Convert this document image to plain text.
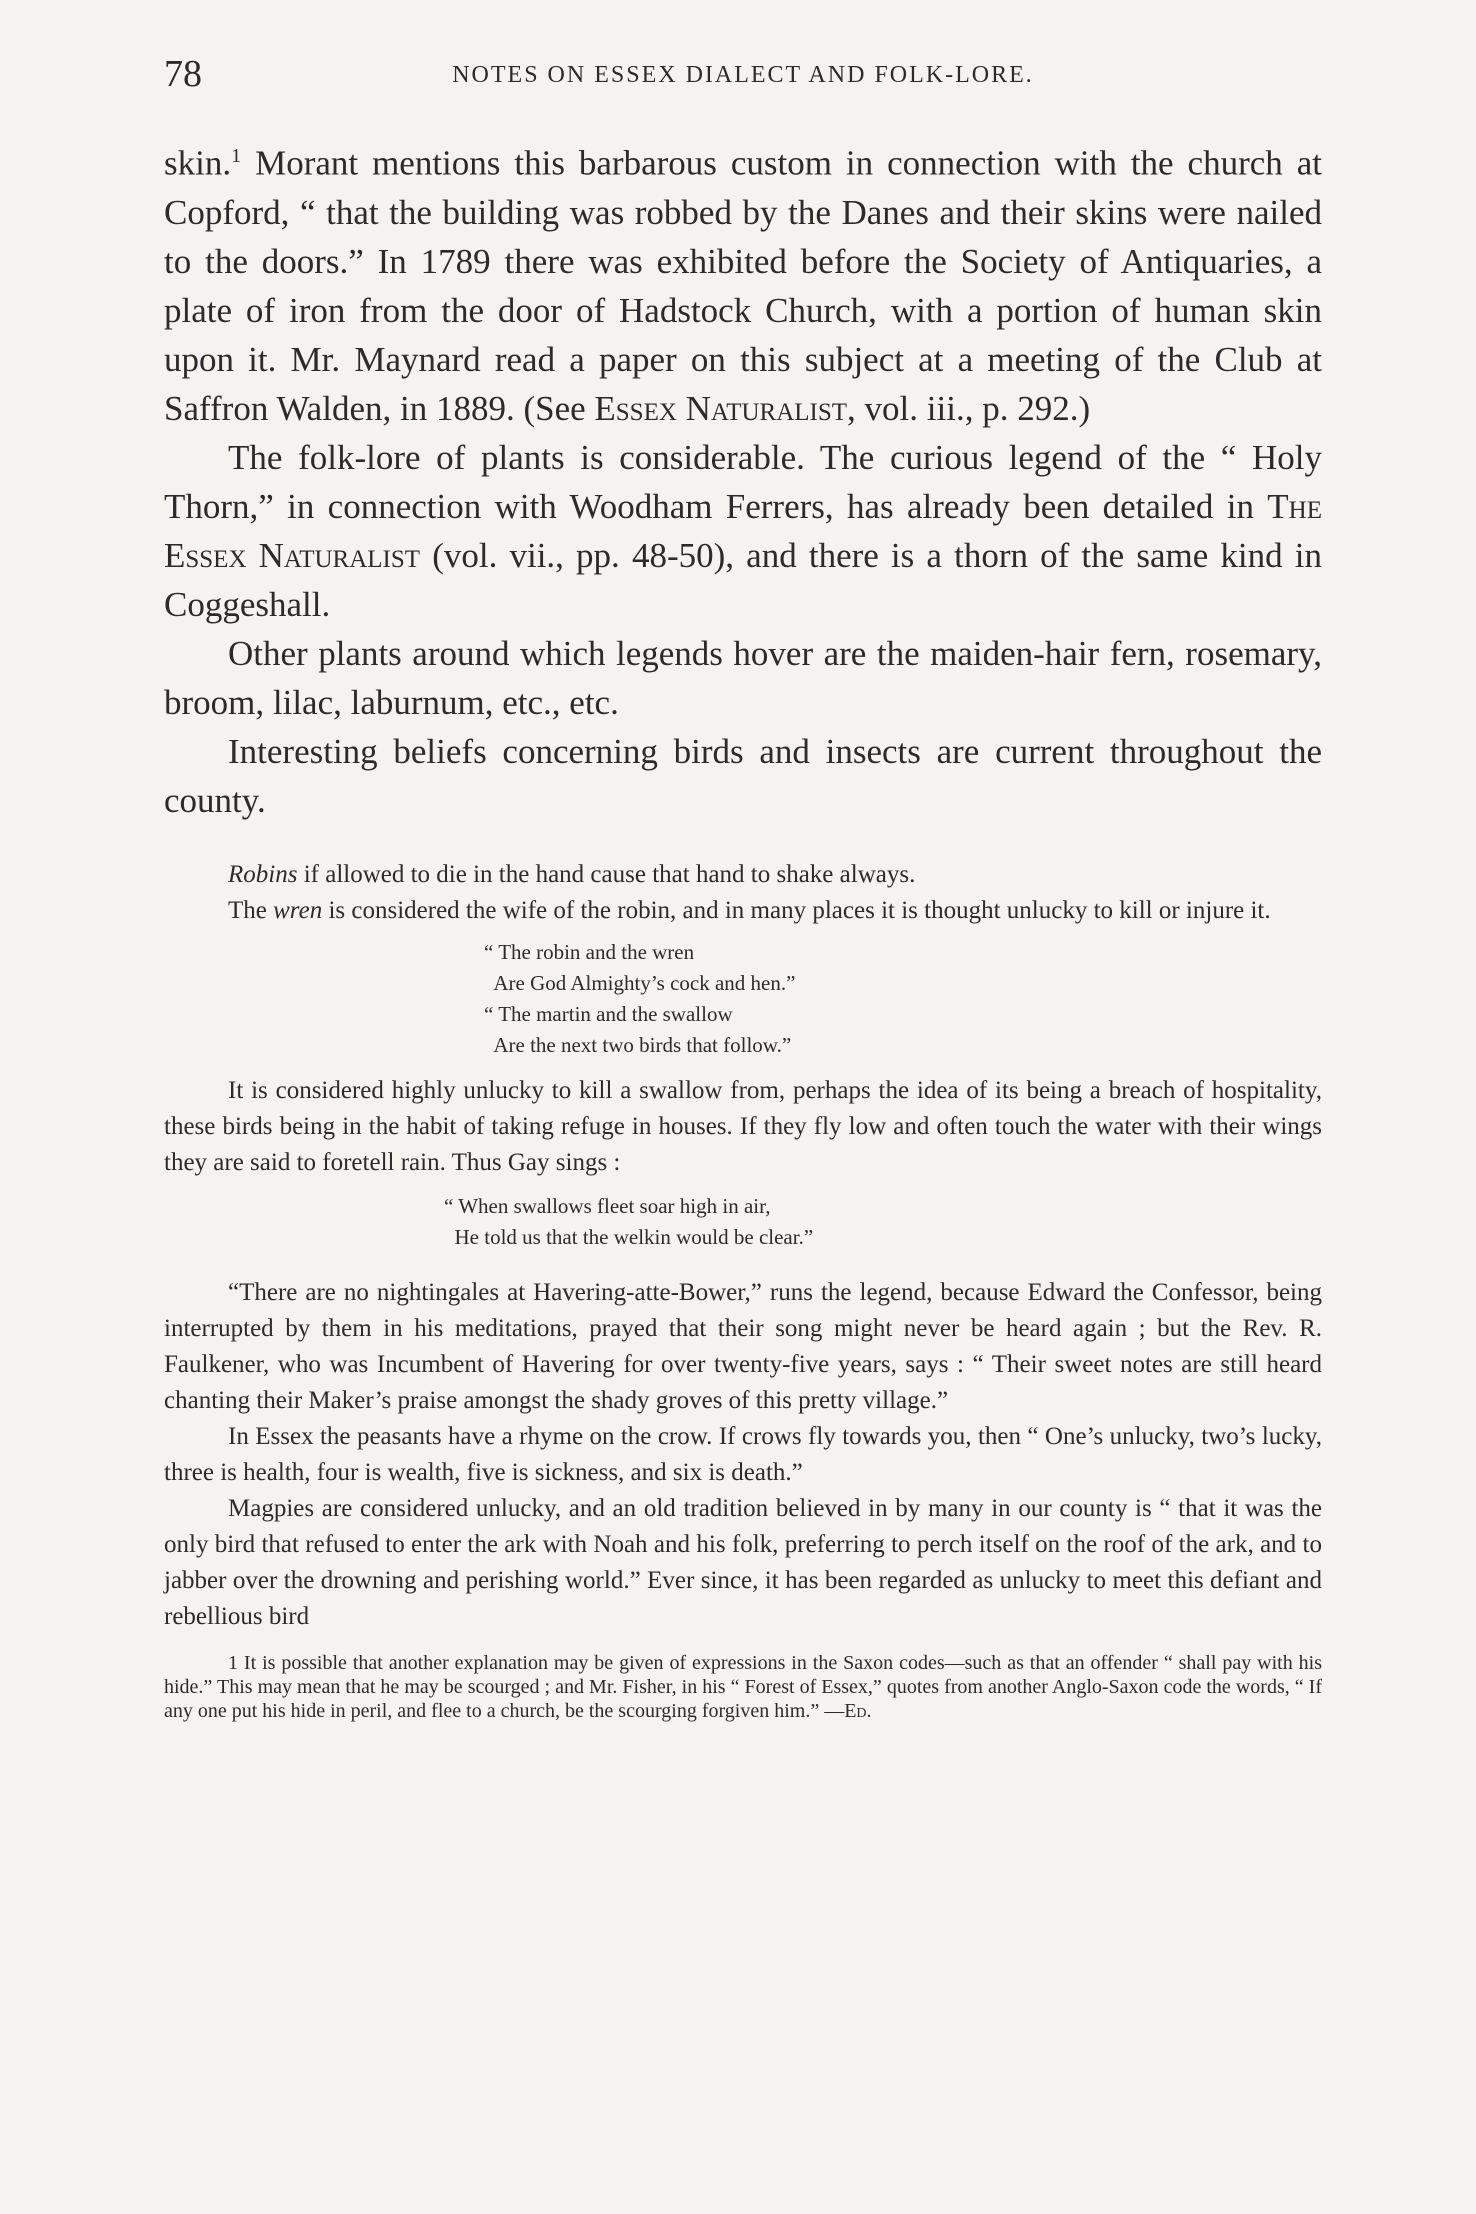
78	NOTES ON ESSEX DIALECT AND FOLK-LORE.

skin.$^1$ Morant mentions this barbarous custom in connection with the church at Copford, “ that the building was robbed by the Danes and their skins were nailed to the doors.” In 1789 there was exhibited before the Society of Antiquaries, a plate of iron from the door of Hadstock Church, with a portion of human skin upon it. Mr. Maynard read a paper on this subject at a meeting of the Club at Saffron Walden, in 1889. (See Essex Naturalist, vol. iii., p. 292.)

The folk-lore of plants is considerable. The curious legend of the “ Holy Thorn,” in connection with Woodham Ferrers, has already been detailed in The Essex Naturalist (vol. vii., pp. 48-50), and there is a thorn of the same kind in Coggeshall.

Other plants around which legends hover are the maiden-hair fern, rosemary, broom, lilac, laburnum, etc., etc.

Interesting beliefs concerning birds and insects are current throughout the county.

Robins if allowed to die in the hand cause that hand to shake always.

The wren is considered the wife of the robin, and in many places it is thought unlucky to kill or injure it.

“ The robin and the wren
Are God Almighty’s cock and hen.”
“ The martin and the swallow
Are the next two birds that follow.”

It is considered highly unlucky to kill a swallow from, perhaps the idea of its being a breach of hospitality, these birds being in the habit of taking refuge in houses. If they fly low and often touch the water with their wings they are said to foretell rain. Thus Gay sings :

“ When swallows fleet soar high in air,
He told us that the welkin would be clear.”

“There are no nightingales at Havering-atte-Bower,” runs the legend, because Edward the Confessor, being interrupted by them in his meditations, prayed that their song might never be heard again ; but the Rev. R. Faulkener, who was Incumbent of Havering for over twenty-five years, says : “ Their sweet notes are still heard chanting their Maker’s praise amongst the shady groves of this pretty village.”

In Essex the peasants have a rhyme on the crow. If crows fly towards you, then “ One’s unlucky, two’s lucky, three is health, four is wealth, five is sickness, and six is death.”

Magpies are considered unlucky, and an old tradition believed in by many in our county is “ that it was the only bird that refused to enter the ark with Noah and his folk, preferring to perch itself on the roof of the ark, and to jabber over the drowning and perishing world.” Ever since, it has been regarded as unlucky to meet this defiant and rebellious bird

1 It is possible that another explanation may be given of expressions in the Saxon codes—such as that an offender “ shall pay with his hide.” This may mean that he may be scourged ; and Mr. Fisher, in his “ Forest of Essex,” quotes from another Anglo-Saxon code the words, “ If any one put his hide in peril, and flee to a church, be the scourging forgiven him.” —Ed.
